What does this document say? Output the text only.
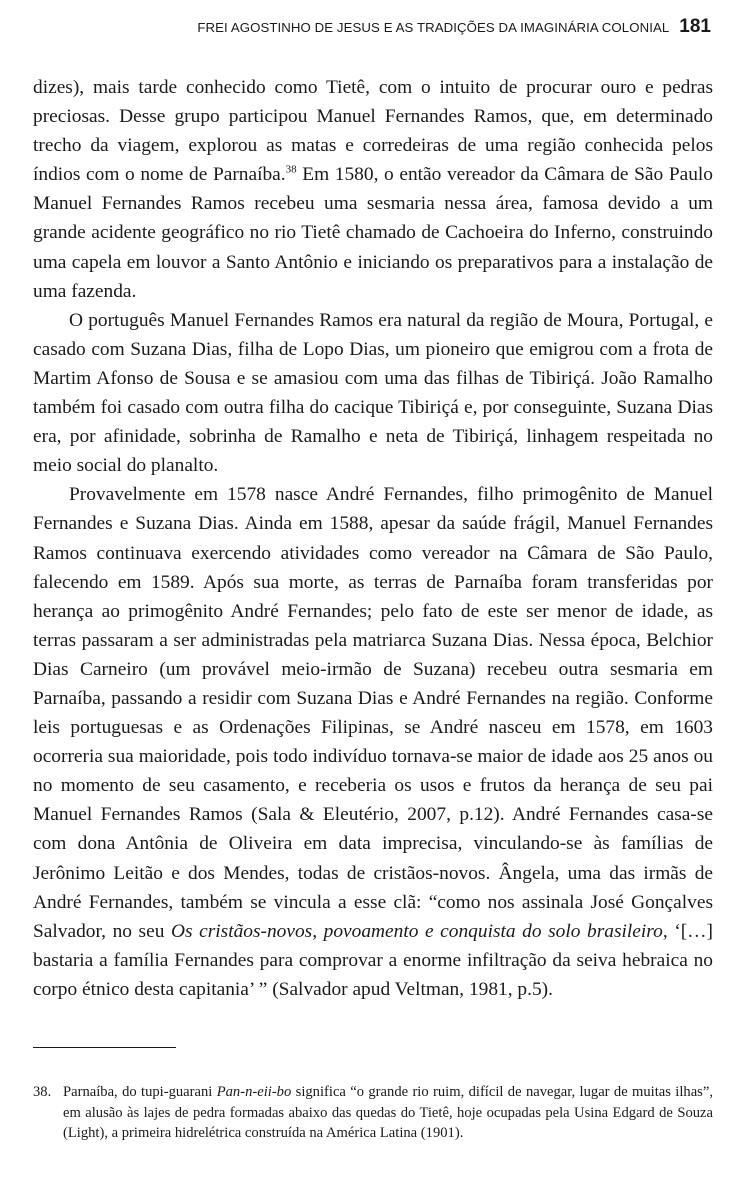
FREI AGOSTINHO DE JESUS E AS TRADIÇÕES DA IMAGINÁRIA COLONIAL 181

dizes), mais tarde conhecido como Tietê, com o intuito de procurar ouro e pedras preciosas. Desse grupo participou Manuel Fernandes Ramos, que, em determinado trecho da viagem, explorou as matas e corredeiras de uma região conhecida pelos índios com o nome de Parnaíba.$^{38}$ Em 1580, o então vereador da Câmara de São Paulo Manuel Fernandes Ramos recebeu uma sesmaria nessa área, famosa devido a um grande acidente geográfico no rio Tietê chamado de Cachoeira do Inferno, construindo uma capela em louvor a Santo Antônio e iniciando os preparativos para a instalação de uma fazenda.

O português Manuel Fernandes Ramos era natural da região de Moura, Portugal, e casado com Suzana Dias, filha de Lopo Dias, um pioneiro que emigrou com a frota de Martim Afonso de Sousa e se amasiou com uma das filhas de Tibiriçá. João Ramalho também foi casado com outra filha do cacique Tibiriçá e, por conseguinte, Suzana Dias era, por afinidade, sobrinha de Ramalho e neta de Tibiriçá, linhagem respeitada no meio social do planalto.

Provavelmente em 1578 nasce André Fernandes, filho primogênito de Manuel Fernandes e Suzana Dias. Ainda em 1588, apesar da saúde frágil, Manuel Fernandes Ramos continuava exercendo atividades como vereador na Câmara de São Paulo, falecendo em 1589. Após sua morte, as terras de Parnaíba foram transferidas por herança ao primogênito André Fernandes; pelo fato de este ser menor de idade, as terras passaram a ser administradas pela matriarca Suzana Dias. Nessa época, Belchior Dias Carneiro (um provável meio-irmão de Suzana) recebeu outra sesmaria em Parnaíba, passando a residir com Suzana Dias e André Fernandes na região. Conforme leis portuguesas e as Ordenações Filipinas, se André nasceu em 1578, em 1603 ocorreria sua maioridade, pois todo indivíduo tornava-se maior de idade aos 25 anos ou no momento de seu casamento, e receberia os usos e frutos da herança de seu pai Manuel Fernandes Ramos (Sala & Eleutério, 2007, p.12). André Fernandes casa-se com dona Antônia de Oliveira em data imprecisa, vinculando-se às famílias de Jerônimo Leitão e dos Mendes, todas de cristãos-novos. Ângela, uma das irmãs de André Fernandes, também se vincula a esse clã: “como nos assinala José Gonçalves Salvador, no seu Os cristãos-novos, povoamento e conquista do solo brasileiro, ‘[…] bastaria a família Fernandes para comprovar a enorme infiltração da seiva hebraica no corpo étnico desta capitania’ ” (Salvador apud Veltman, 1981, p.5).

38. Parnaíba, do tupi-guarani Pan-n-eii-bo significa “o grande rio ruim, difícil de navegar, lugar de muitas ilhas”, em alusão às lajes de pedra formadas abaixo das quedas do Tietê, hoje ocupadas pela Usina Edgard de Souza (Light), a primeira hidrelétrica construída na América Latina (1901).
